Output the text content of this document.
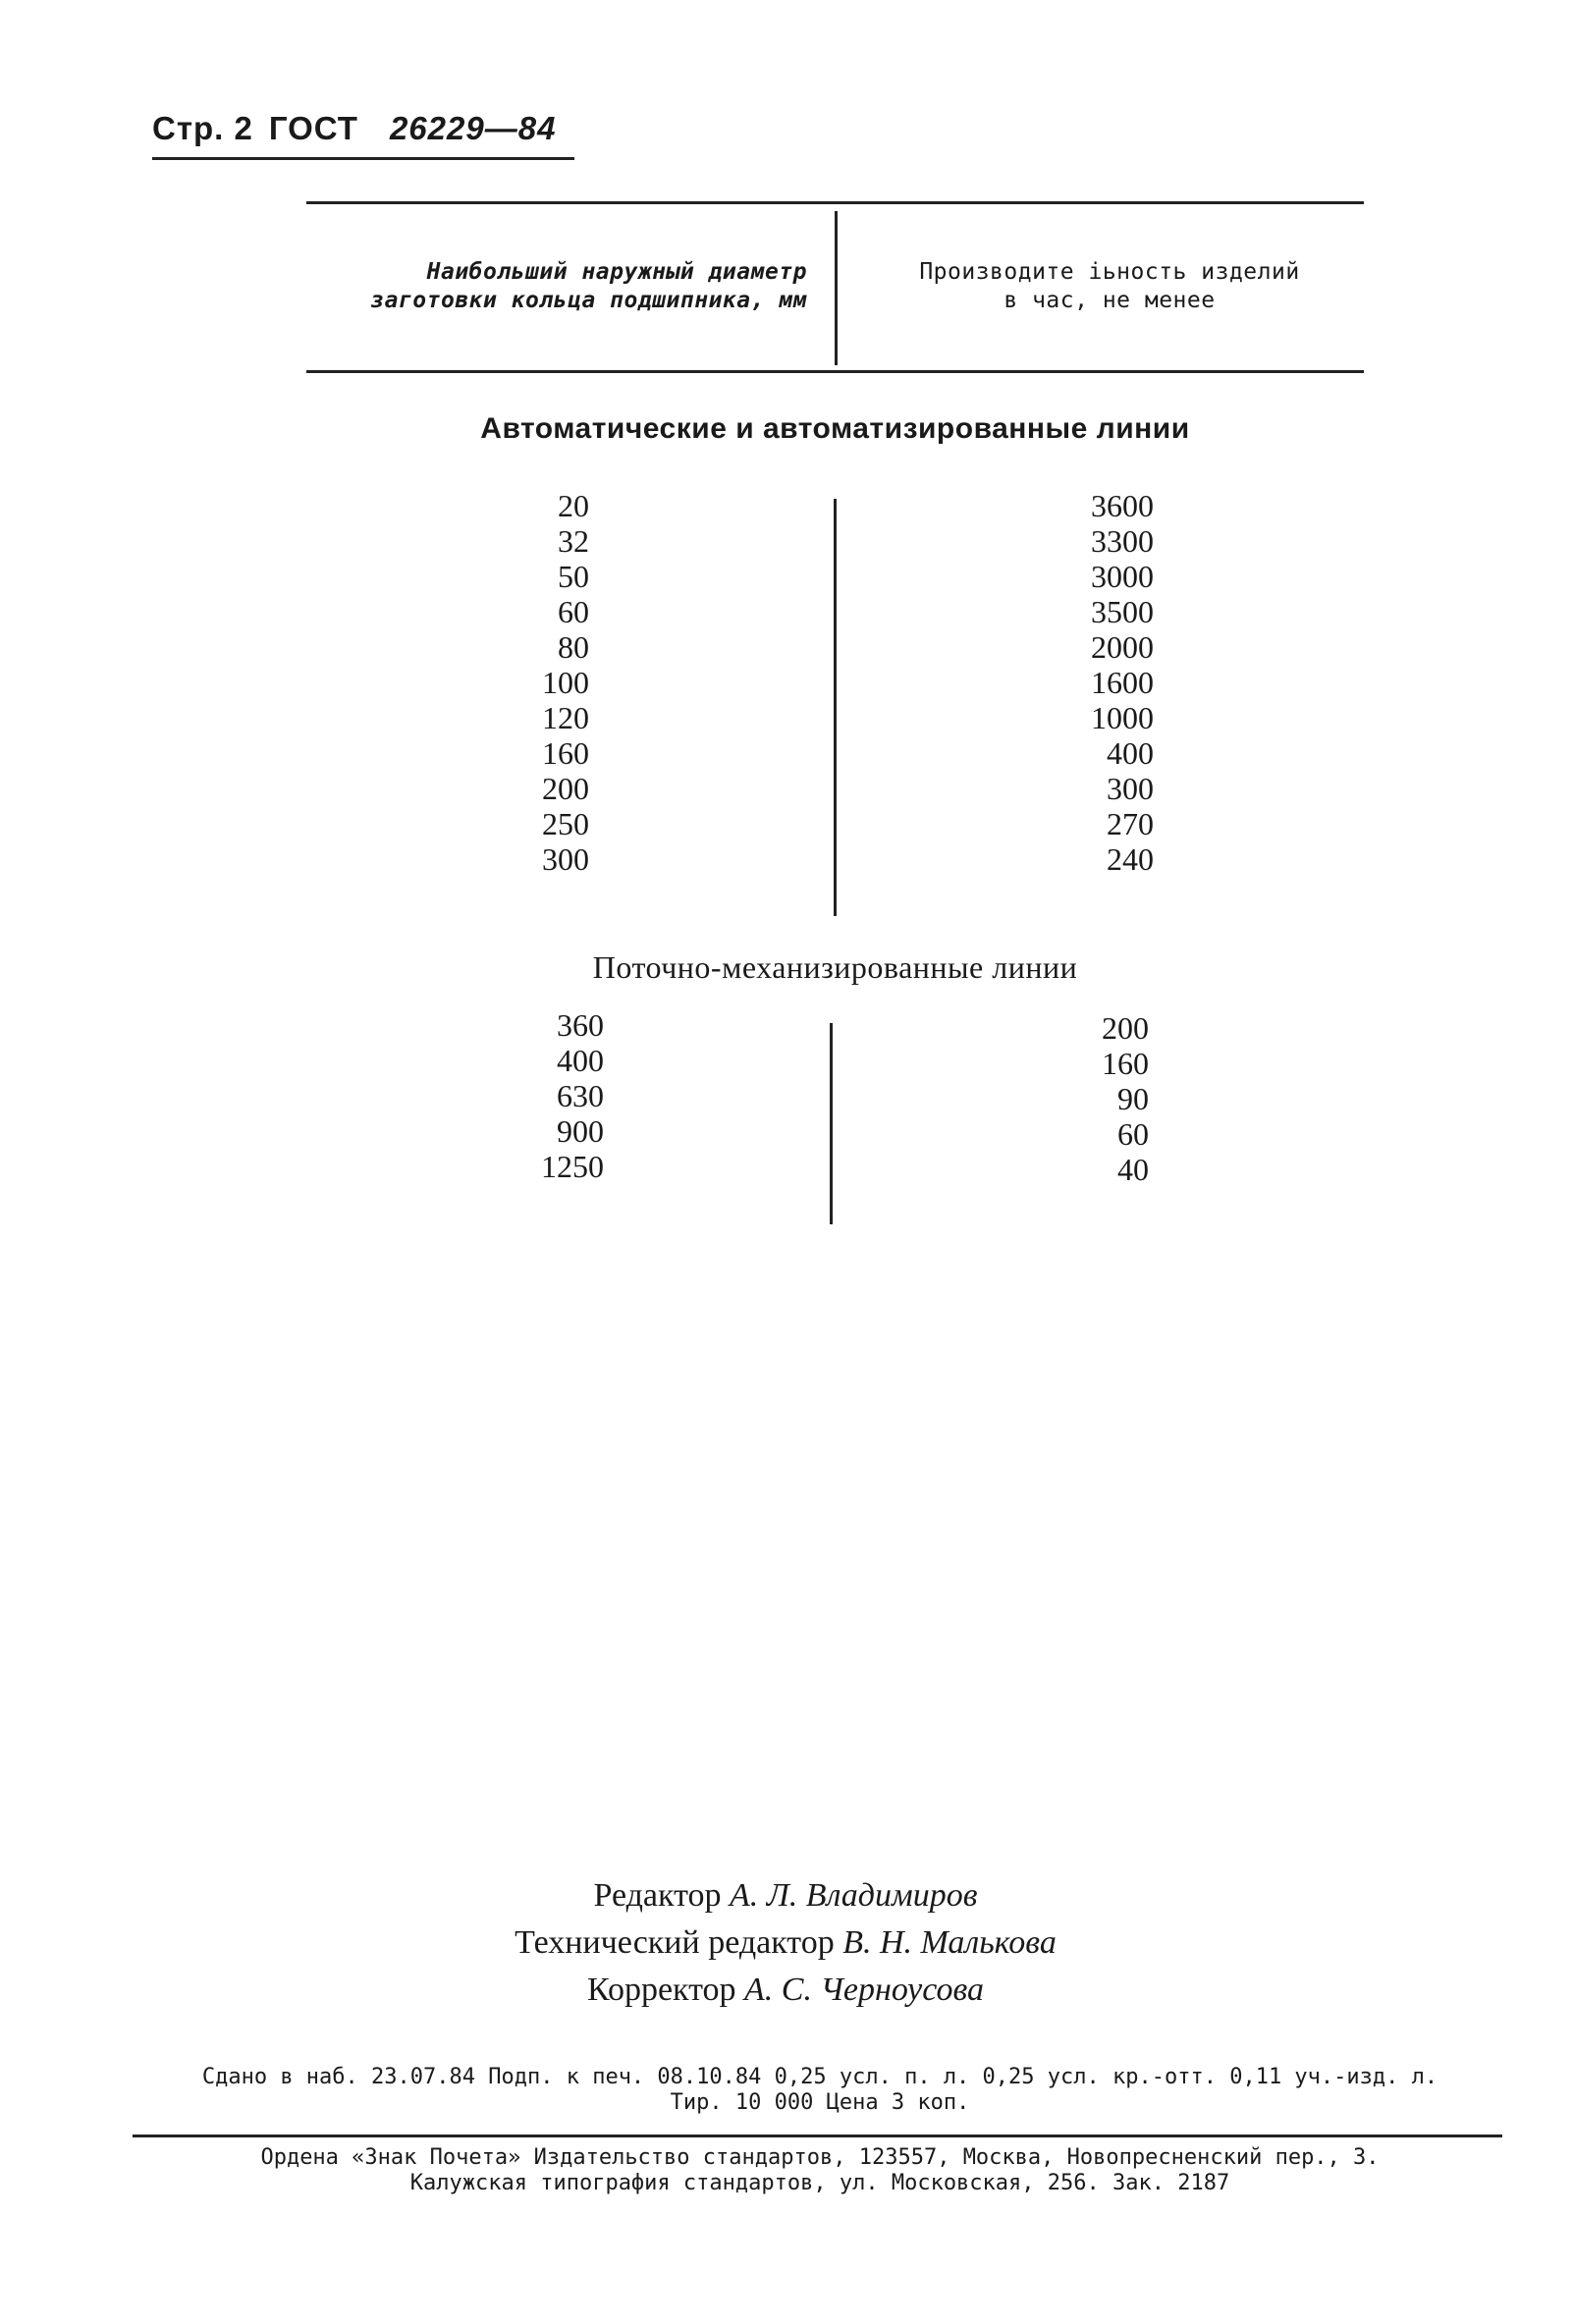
Стр. 2 ГОСТ 26229—84
Наибольший наружный диаметр
заготовки кольца подшипника, мм
Производите іьность изделий
в час, не менее
Автоматические и автоматизированные линии
20
32
50
60
80
100
120
160
200
250
300
3600
3300
3000
3500
2000
1600
1000
400
300
270
240
Поточно-механизированные линии
360
400
630
900
1250
200
160
90
60
40
Редактор А. Л. Владимиров
Технический редактор В. Н. Малькова
Корректор А. С. Черноусова
Сдано в наб. 23.07.84 Подп. к печ. 08.10.84 0,25 усл. п. л. 0,25 усл. кр.-отт. 0,11 уч.-изд. л.
Тир. 10 000 Цена 3 коп.
Ордена «Знак Почета» Издательство стандартов, 123557, Москва, Новопресненский пер., 3.
Калужская типография стандартов, ул. Московская, 256. Зак. 2187
